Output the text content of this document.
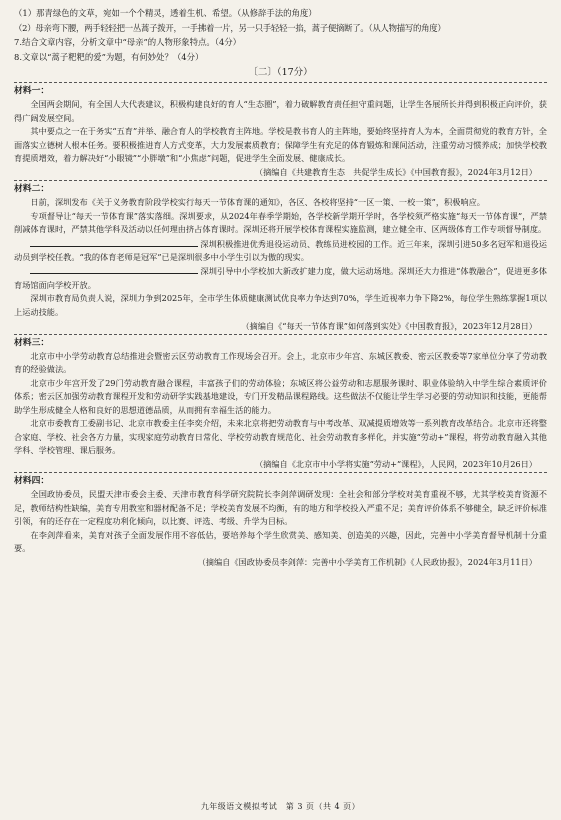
（1）那青绿色的文草，宛如一个个精灵，透着生机、希望。（从修辞手法的角度）

（2）母亲弯下腰，两手轻轻把一丛蒿子拨开，一手拂着一片，另一只手轻轻一掐，蒿子便摘断了。（从人物描写的角度）

7.结合文章内容，分析文章中“母亲”的人物形象特点。（4分）

8.文章以“蒿子粑粑的爱”为题，有何妙处？（4分）

〔二〕（17分）

材料一：

全国两会期间，有全国人大代表建议，积极构建良好的育人“生态圈”，着力破解教育责任担守重问题，让学生各展所长并得到积极正向评价，获得广阔发展空间。

其中要点之一在于务实“五育”并举、融合育人的学校教育主阵地。学校是教书育人的主阵地，要始终坚持育人为本，全面贯彻党的教育方针，全面落实立德树人根本任务。要积极推进育人方式变革，大力发展素质教育；保障学生有充足的体育锻炼和课间活动，注重劳动习惯养成；加快学校教育提质增效，着力解决好“小眼镜”“小胖墩”和“小焦虑”问题，促进学生全面发展、健康成长。

（摘编自《共建教育生态　共促学生成长》《中国教育报》，2024年3月12日）

材料二：

日前，深圳发布《关于义务教育阶段学校实行每天一节体育课的通知》，各区、各校将坚持“一区一策、一校一策”，积极响应。

专项督导让“每天一节体育课”落实落细。深圳要求，从2024年春季学期始，各学校新学期开学时，各学校须严格实施“每天一节体育课”，严禁削减体育课时，严禁其他学科及活动以任何理由挤占体育课时。深圳还将开展学校体育课程实施监测，建立健全市、区两级体育工作专项督导制度。

深圳积极推进优秀退役运动员、教练员进校园的工作。近三年来，深圳引进50多名冠军和退役运动员到学校任教。“我的体育老师是冠军”已是深圳很多中小学生引以为傲的现实。

深圳引导中小学校加大新改扩建力度，做大运动场地。深圳还大力推进“体教融合”，促进更多体育场馆面向学校开放。

深圳市教育局负责人说，深圳力争到2025年，全市学生体质健康测试优良率力争达到70%，学生近视率力争下降2%，每位学生熟练掌握1项以上运动技能。

（摘编自《“每天一节体育课”如何落到实处》《中国教育报》，2023年12月28日）

材料三：

北京市中小学劳动教育总结推进会暨密云区劳动教育工作现场会召开。会上，北京市少年宫、东城区教委、密云区教委等7家单位分享了劳动教育的经验做法。

北京市少年宫开发了29门劳动教育融合课程，丰富孩子们的劳动体验；东城区将公益劳动和志愿服务课时、职业体验纳入中学生综合素质评价体系；密云区加强劳动教育课程开发和劳动研学实践基地建设，专门开发精品课程路线。这些做法不仅能让学生学习必要的劳动知识和技能，更能帮助学生形成健全人格和良好的思想道德品质，从而拥有幸福生活的能力。

北京市委教育工委副书记、北京市教委主任李奕介绍，未来北京将把劳动教育与中考改革、双减提质增效等一系列教育改革结合。北京市还将整合家庭、学校、社会各方力量，实现家庭劳动教育日常化、学校劳动教育规范化、社会劳动教育多样化，并实施“劳动+”课程，将劳动教育融入其他学科、学校管理、课后服务。

（摘编自《北京市中小学将实施“劳动+”课程》，人民网，2023年10月26日）

材料四：

全国政协委员，民盟天津市委会主委、天津市教育科学研究院院长李剑萍调研发现：全社会和部分学校对美育重视不够，尤其学校美育资源不足，教师结构性缺编，美育专用教室和器材配备不足；学校美育发展不均衡，有的地方和学校投入严重不足；美育评价体系不够健全，缺乏评价标准引领，有的还存在一定程度功利化倾向，以比赛、评选、考级、升学为目标。

在李剑萍看来，美育对孩子全面发展作用不容低估，要培养每个学生欣赏美、感知美、创造美的兴趣，因此，完善中小学美育督导机制十分重要。

（摘编自《国政协委员李剑萍：完善中小学美育工作机制》《人民政协报》，2024年3月11日）

九年级语文模拟考试　第 3 页（共 4 页）
